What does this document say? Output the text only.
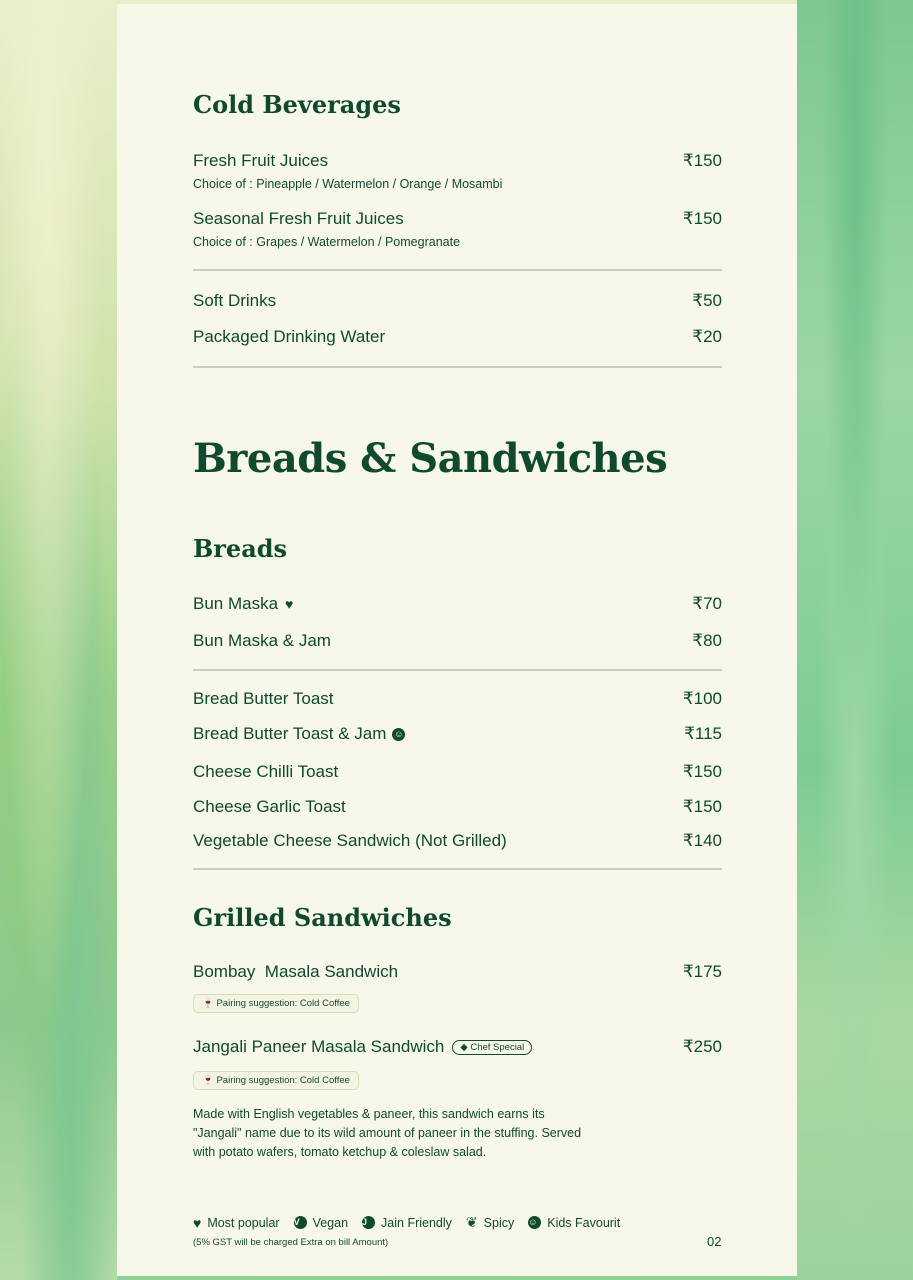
Cold Beverages
Fresh Fruit Juices	₹150
Choice of : Pineapple / Watermelon / Orange / Mosambi
Seasonal Fresh Fruit Juices	₹150
Choice of : Grapes / Watermelon / Pomegranate
Soft Drinks	₹50
Packaged Drinking Water	₹20
Breads & Sandwiches
Breads
Bun Maska ♥	₹70
Bun Maska & Jam	₹80
Bread Butter Toast	₹100
Bread Butter Toast & Jam ☺	₹115
Cheese Chilli Toast	₹150
Cheese Garlic Toast	₹150
Vegetable Cheese Sandwich (Not Grilled)	₹140
Grilled Sandwiches
Bombay  Masala Sandwich	₹175
🍷 Pairing suggestion: Cold Coffee
Jangali Paneer Masala Sandwich ◆ Chef Special	₹250
🍷 Pairing suggestion: Cold Coffee
Made with English vegetables & paneer, this sandwich earns its "Jangali" name due to its wild amount of paneer in the stuffing. Served with potato wafers, tomato ketchup & coleslaw salad.
♥ Most popular V	Vegan J	Jain Friendly ❦ Spicy ☺ Kids Favourit
(5% GST will be charged Extra on bill Amount)	02
